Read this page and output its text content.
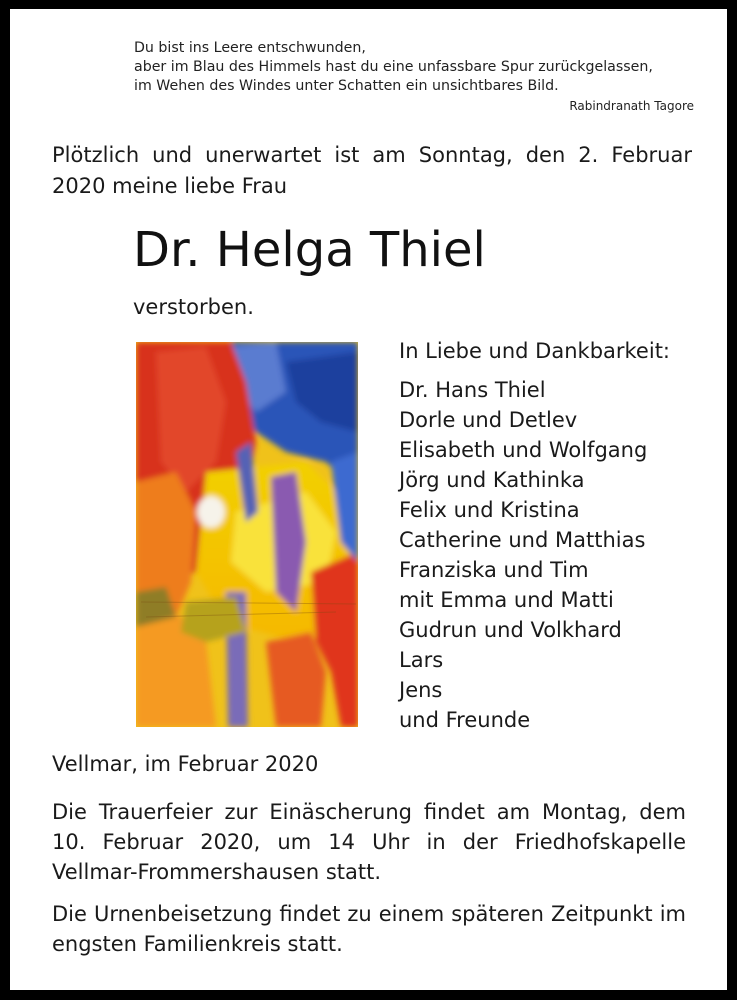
Du bist ins Leere entschwunden,
aber im Blau des Himmels hast du eine unfassbare Spur zurückgelassen,
im Wehen des Windes unter Schatten ein unsichtbares Bild.
Rabindranath Tagore
Plötzlich und unerwartet ist am Sonntag, den 2. Februar 2020 meine liebe Frau
Dr. Helga Thiel
verstorben.
In Liebe und Dankbarkeit:
Dr. Hans Thiel
Dorle und Detlev
Elisabeth und Wolfgang
Jörg und Kathinka
Felix und Kristina
Catherine und Matthias
Franziska und Tim
mit Emma und Matti
Gudrun und Volkhard
Lars
Jens
und Freunde
Vellmar, im Februar 2020
Die Trauerfeier zur Einäscherung findet am Montag, dem 10. Februar 2020, um 14 Uhr in der Friedhofskapelle Vellmar-Frommershausen statt.
Die Urnenbeisetzung findet zu einem späteren Zeitpunkt im engsten Familienkreis statt.
